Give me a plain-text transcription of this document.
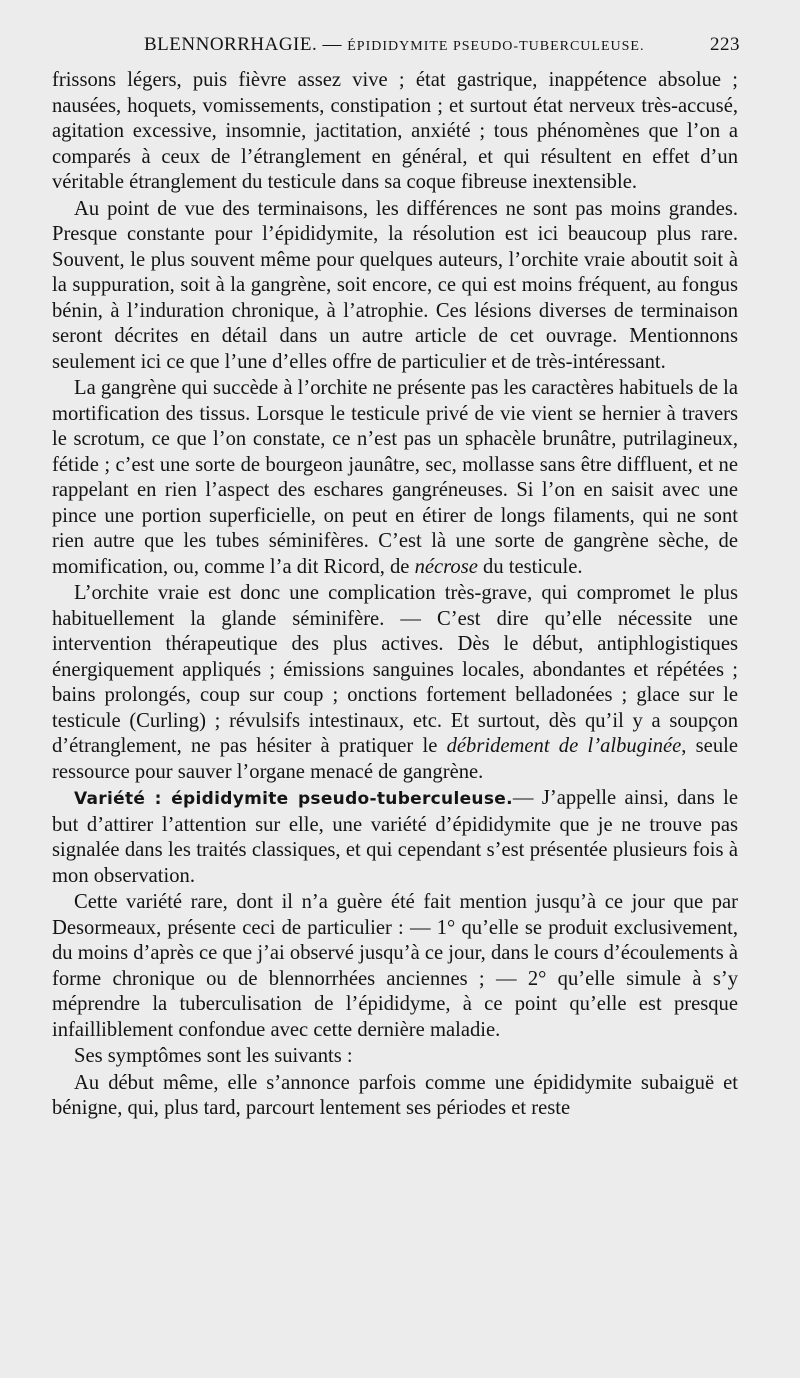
BLENNORRHAGIE. — ÉPIDIDYMITE PSEUDO-TUBERCULEUSE.	223

frissons légers, puis fièvre assez vive ; état gastrique, inappétence absolue ; nausées, hoquets, vomissements, constipation ; et surtout état nerveux très-accusé, agitation excessive, insomnie, jactitation, anxiété ; tous phénomènes que l’on a comparés à ceux de l’étranglement en général, et qui résultent en effet d’un véritable étranglement du testicule dans sa coque fibreuse inextensible.

Au point de vue des terminaisons, les différences ne sont pas moins grandes. Presque constante pour l’épididymite, la résolution est ici beaucoup plus rare. Souvent, le plus souvent même pour quelques auteurs, l’orchite vraie aboutit soit à la suppuration, soit à la gangrène, soit encore, ce qui est moins fréquent, au fongus bénin, à l’induration chronique, à l’atrophie. Ces lésions diverses de terminaison seront décrites en détail dans un autre article de cet ouvrage. Mentionnons seulement ici ce que l’une d’elles offre de particulier et de très-intéressant.

La gangrène qui succède à l’orchite ne présente pas les caractères habituels de la mortification des tissus. Lorsque le testicule privé de vie vient se hernier à travers le scrotum, ce que l’on constate, ce n’est pas un sphacèle brunâtre, putrilagineux, fétide ; c’est une sorte de bourgeon jaunâtre, sec, mollasse sans être diffluent, et ne rappelant en rien l’aspect des eschares gangréneuses. Si l’on en saisit avec une pince une portion superficielle, on peut en étirer de longs filaments, qui ne sont rien autre que les tubes séminifères. C’est là une sorte de gangrène sèche, de momification, ou, comme l’a dit Ricord, de nécrose du testicule.

L’orchite vraie est donc une complication très-grave, qui compromet le plus habituellement la glande séminifère. — C’est dire qu’elle nécessite une intervention thérapeutique des plus actives. Dès le début, antiphlogistiques énergiquement appliqués ; émissions sanguines locales, abondantes et répétées ; bains prolongés, coup sur coup ; onctions fortement belladonées ; glace sur le testicule (Curling) ; révulsifs intestinaux, etc. Et surtout, dès qu’il y a soupçon d’étranglement, ne pas hésiter à pratiquer le débridement de l’albuginée, seule ressource pour sauver l’organe menacé de gangrène.

Variété : épididymite pseudo-tuberculeuse.— J’appelle ainsi, dans le but d’attirer l’attention sur elle, une variété d’épididymite que je ne trouve pas signalée dans les traités classiques, et qui cependant s’est présentée plusieurs fois à mon observation.

Cette variété rare, dont il n’a guère été fait mention jusqu’à ce jour que par Desormeaux, présente ceci de particulier : — 1° qu’elle se produit exclusivement, du moins d’après ce que j’ai observé jusqu’à ce jour, dans le cours d’écoulements à forme chronique ou de blennorrhées anciennes ; — 2° qu’elle simule à s’y méprendre la tuberculisation de l’épididyme, à ce point qu’elle est presque infailliblement confondue avec cette dernière maladie.

Ses symptômes sont les suivants :

Au début même, elle s’annonce parfois comme une épididymite subaiguë et bénigne, qui, plus tard, parcourt lentement ses périodes et reste
